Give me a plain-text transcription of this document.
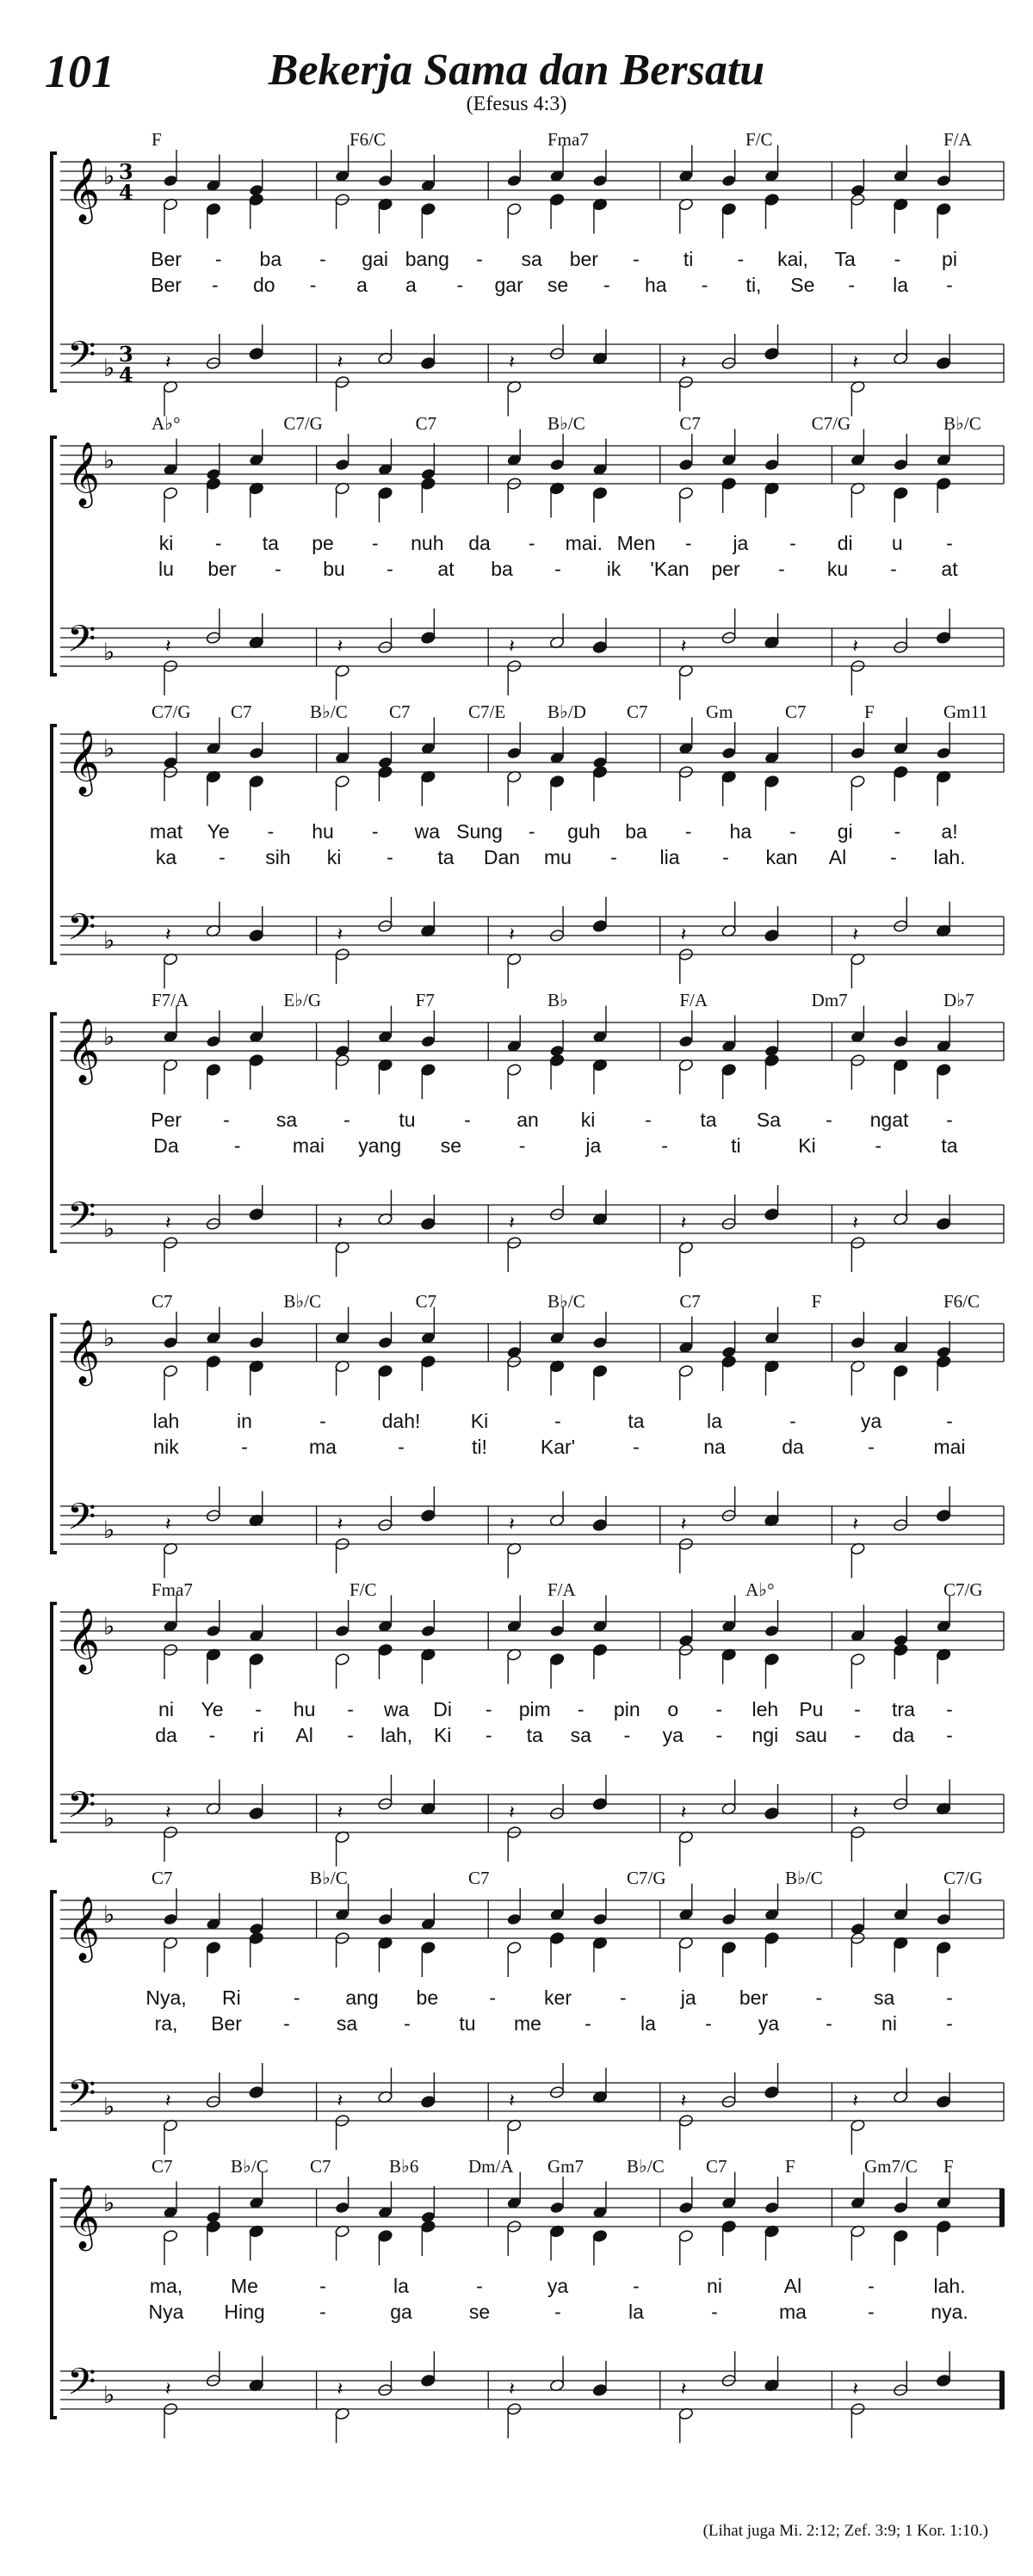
101	Bekerja Sama dan Bersatu
(Efesus 4:3)
𝄞
𝄢
♭
♭
3
4
3
4 𝄽	𝄽	𝄽	𝄽	𝄽
F	F6/C	Fma7	F/C	F/A
Ber - ba - gai bang - sa ber - ti - kai, Ta - pi
Ber - do - a a - gar se - ha - ti, Se - la -
𝄞
𝄢
♭
♭	𝄽	𝄽	𝄽	𝄽	𝄽
A♭°	C7/G	C7	B♭/C	C7	C7/G	B♭/C
ki - ta pe - nuh da - mai. Men - ja - di u -
lu ber - bu - at ba - ik 'Kan per - ku - at
𝄞
𝄢
♭
♭	𝄽	𝄽	𝄽	𝄽	𝄽
C7/G C7	B♭/C C7	C7/E B♭/D C7	Gm	C7	F	Gm11
mat Ye - hu - wa Sung - guh ba - ha - gi - a!
ka - sih ki - ta Dan mu - lia - kan Al - lah.
𝄞
𝄢
♭
♭	𝄽	𝄽	𝄽	𝄽	𝄽
F7/A	E♭/G	F7	B♭	F/A	Dm7	D♭7
Per - sa - tu - an ki	- ta Sa - ngat -
Da	-	mai yang se	-	ja	-	ti	Ki	-	ta
𝄞
𝄢
♭
♭	𝄽	𝄽	𝄽	𝄽	𝄽
C7	B♭/C	C7	B♭/C	C7	F	F6/C
lah	in	-	dah!	Ki	-	ta	la	-	ya	-
nik	-	ma	-	ti!	Kar'	-	na	da	-	mai
𝄞
𝄢
♭
♭	𝄽	𝄽	𝄽	𝄽	𝄽
Fma7	F/C	F/A	A♭°	C7/G
ni Ye - hu - wa Di - pim - pin o - leh Pu - tra -
da - ri Al - lah, Ki - ta sa - ya - ngi sau - da -
𝄞
𝄢
♭
♭	𝄽	𝄽	𝄽	𝄽	𝄽
C7	B♭/C	C7	C7/G	B♭/C	C7/G
Nya, Ri	- ang be	- ker -	ja ber -	sa	-
ra, Ber - sa - tu me - la - ya - ni -
𝄞
𝄢
♭
♭	𝄽	𝄽	𝄽	𝄽	𝄽
C7	B♭/C C7	B♭6	Dm/A Gm7 B♭/C C7	F	Gm7/C F
ma, Me	-	la	-	ya	-	ni	Al	-	lah.
Nya Hing	-	ga	se	-	la	-	ma	-	nya.
(Lihat juga Mi. 2:12; Zef. 3:9; 1 Kor. 1:10.)
